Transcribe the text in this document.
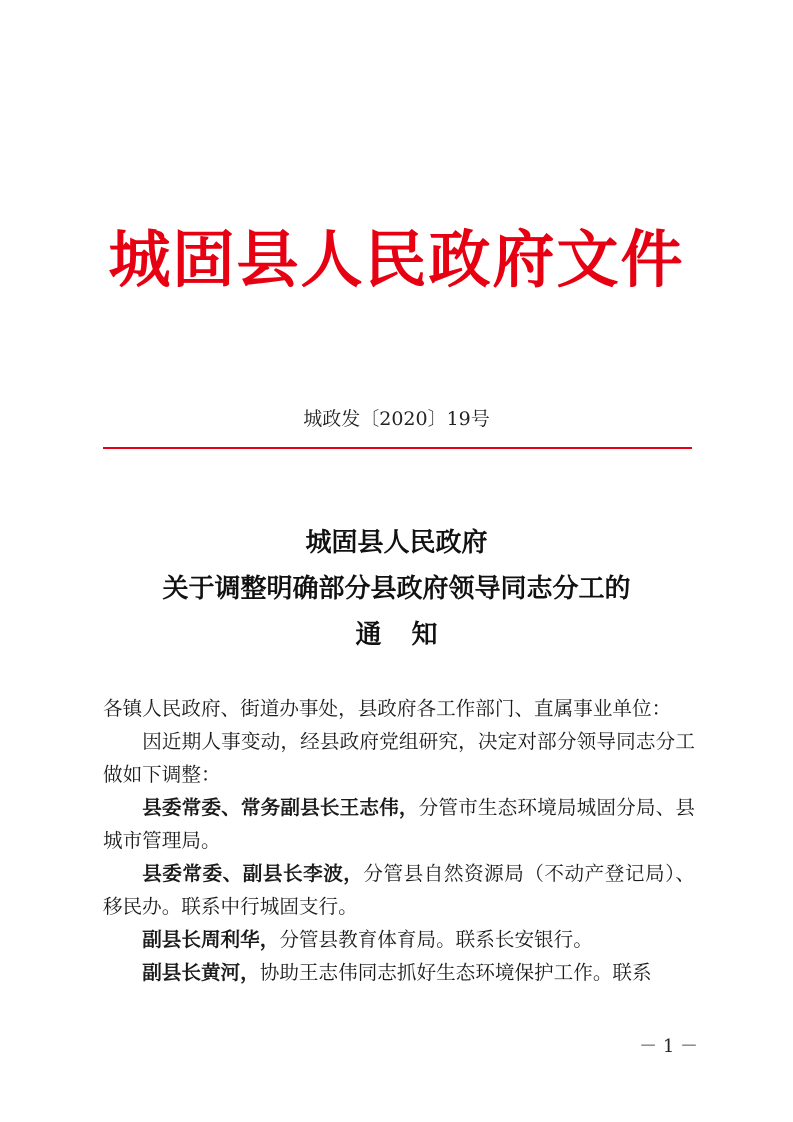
城固县人民政府文件
城政发〔2020〕19号
城固县人民政府
关于调整明确部分县政府领导同志分工的
通知

各镇人民政府、街道办事处，县政府各工作部门、直属事业单位：

因近期人事变动，经县政府党组研究，决定对部分领导同志分工做如下调整：

县委常委、常务副县长王志伟，分管市生态环境局城固分局、县城市管理局。

县委常委、副县长李波，分管县自然资源局（不动产登记局）、移民办。联系中行城固支行。

副县长周利华，分管县教育体育局。联系长安银行。

副县长黄河，协助王志伟同志抓好生态环境保护工作。联系

－ 1 －
